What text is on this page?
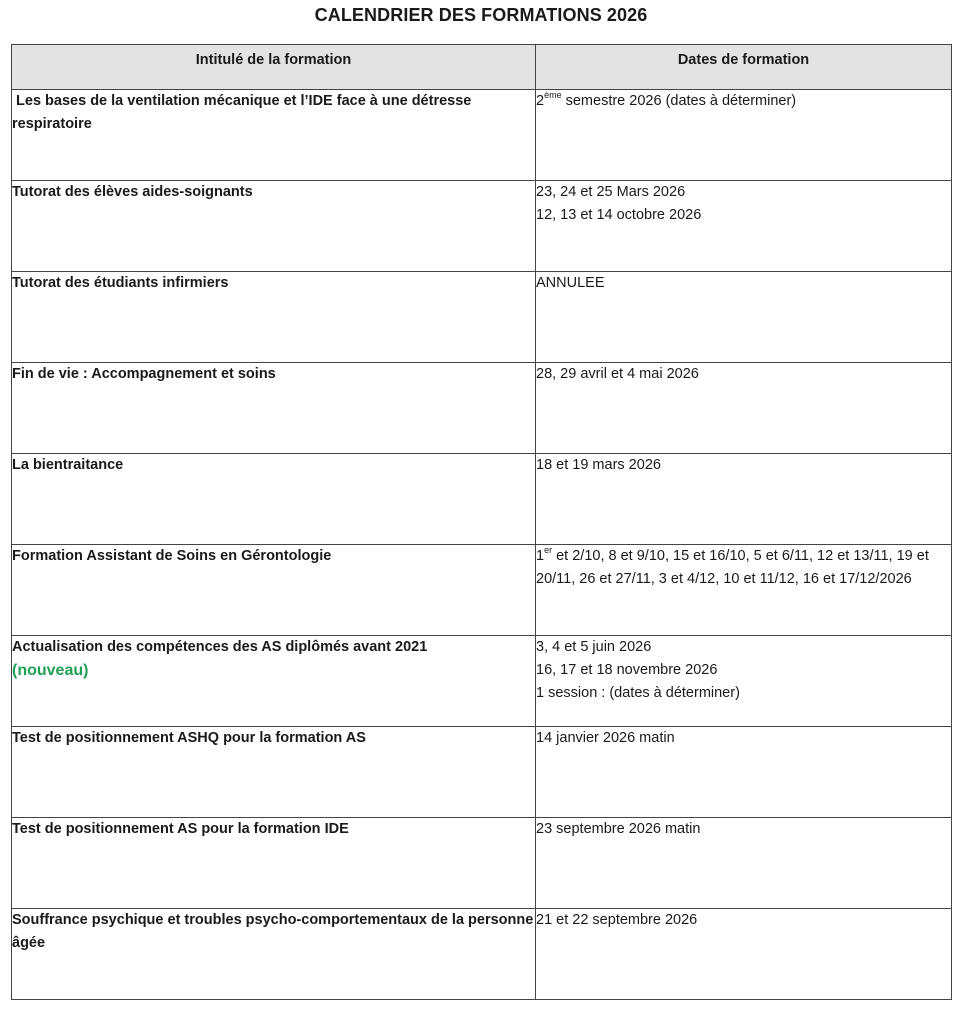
CALENDRIER DES FORMATIONS 2026
Intitulé de la formation	Dates de formation

Les bases de la ventilation mécanique et l’IDE face à une détresse respiratoire	2ème semestre 2026 (dates à déterminer)

Tutorat des élèves aides-soignants	23, 24 et 25 Mars 2026
12, 13 et 14 octobre 2026

Tutorat des étudiants infirmiers	ANNULEE

Fin de vie : Accompagnement et soins	28, 29 avril et 4 mai 2026

La bientraitance	18 et 19 mars 2026

Formation Assistant de Soins en Gérontologie	1er et 2/10, 8 et 9/10, 15 et 16/10, 5 et 6/11, 12 et 13/11, 19 et 20/11, 26 et 27/11, 3 et 4/12, 10 et 11/12, 16 et 17/12/2026

Actualisation des compétences des AS diplômés avant 2021
(nouveau)	3, 4 et 5 juin 2026
16, 17 et 18 novembre 2026
1 session : (dates à déterminer)

Test de positionnement ASHQ pour la formation AS	14 janvier 2026 matin

Test de positionnement AS pour la formation IDE	23 septembre 2026 matin

Souffrance psychique et troubles psycho-comportementaux de la personne âgée	21 et 22 septembre 2026
